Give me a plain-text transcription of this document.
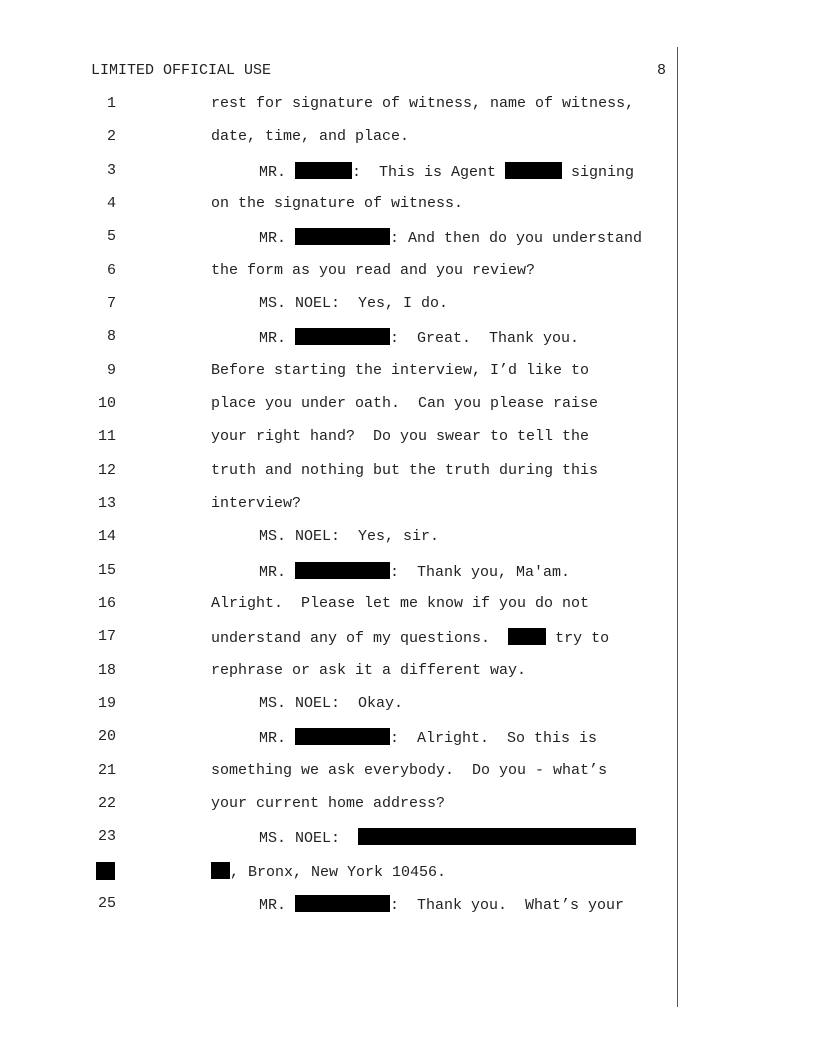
LIMITED OFFICIAL USE	8
1	rest for signature of witness, name of witness,
2	date, time, and place.
3	MR.	:  This is Agent	signing
4	on the signature of witness.
5	MR.	: And then do you understand
6	the form as you read and you review?
7	MS. NOEL:  Yes, I do.
8	MR.	:  Great.  Thank you.
9	Before starting the interview, I’d like to
10	place you under oath.  Can you please raise
11	your right hand?  Do you swear to tell the
12	truth and nothing but the truth during this
13	interview?
14	MS. NOEL:  Yes, sir.
15	MR.	:  Thank you, Ma'am.
16	Alright.  Please let me know if you do not
17	understand any of my questions.	try to
18	rephrase or ask it a different way.
19	MS. NOEL:  Okay.
20	MR.	:  Alright.  So this is
21	something we ask everybody.  Do you - what’s
22	your current home address?
23	MS. NOEL:
, Bronx, New York 10456.
25	MR.	:  Thank you.  What’s your
